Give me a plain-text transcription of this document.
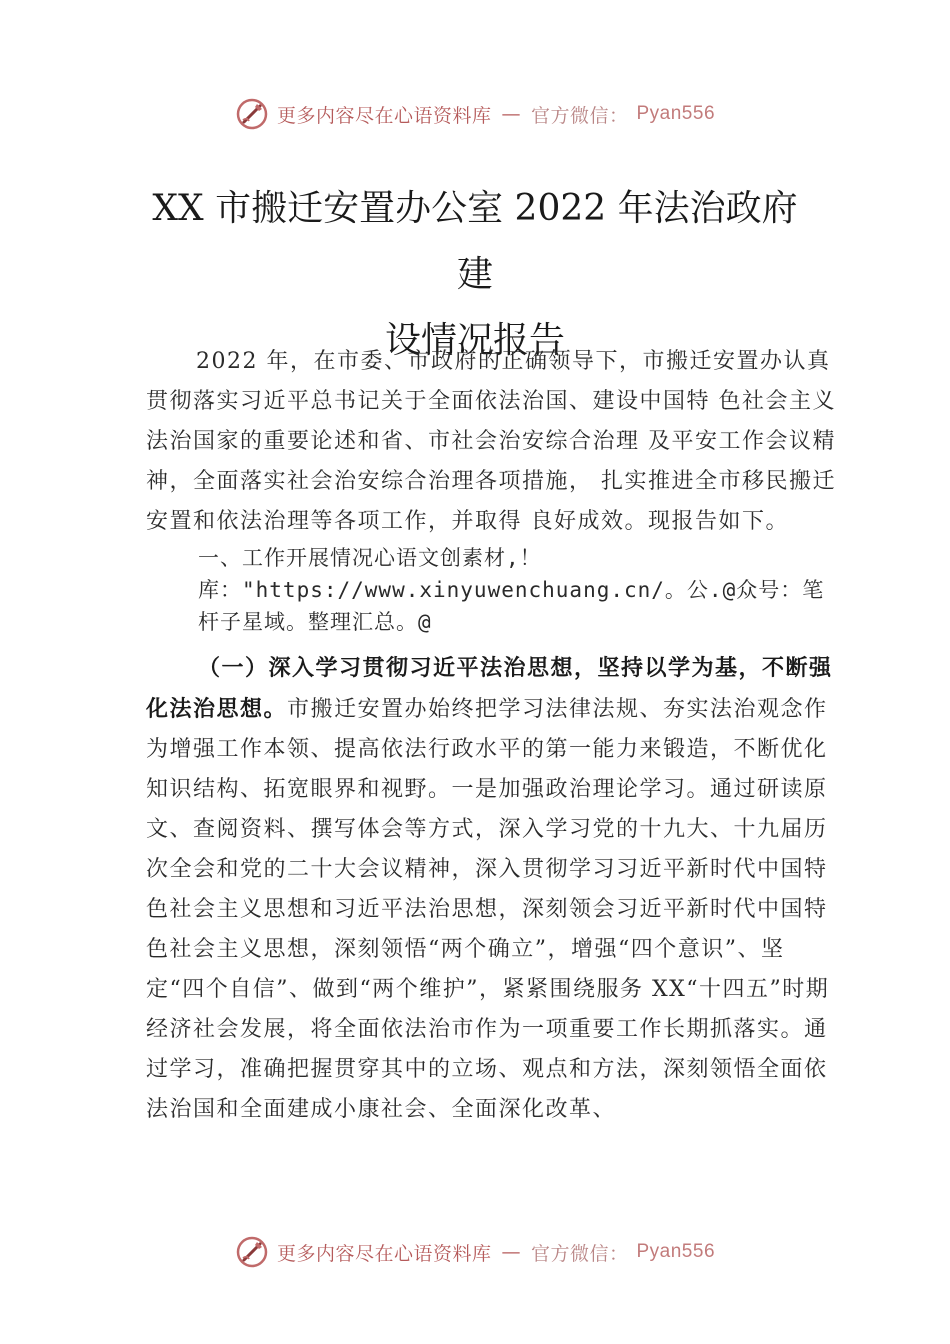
更多内容尽在心语资料库 — 官方微信： Pyan556
XX 市搬迁安置办公室 2022 年法治政府建
设情况报告

2022 年，在市委、市政府的正确领导下，市搬迁安置办认真贯彻落实习近平总书记关于全面依法治国、建设中国特 色社会主义法治国家的重要论述和省、市社会治安综合治理 及平安工作会议精神，全面落实社会治安综合治理各项措施， 扎实推进全市移民搬迁安置和依法治理等各项工作，并取得 良好成效。现报告如下。

一、工作开展情况心语文创素材,！库："https://www.xinyuwenchuang.cn/。公.@众号：笔杆子星域。整理汇总。@

（一）深入学习贯彻习近平法治思想，坚持以学为基，不断强化法治思想。市搬迁安置办始终把学习法律法规、夯实法治观念作为增强工作本领、提高依法行政水平的第一能力来锻造，不断优化知识结构、拓宽眼界和视野。一是加强政治理论学习。通过研读原文、查阅资料、撰写体会等方式，深入学习党的十九大、十九届历次全会和党的二十大会议精神，深入贯彻学习习近平新时代中国特色社会主义思想和习近平法治思想，深刻领会习近平新时代中国特色社会主义思想，深刻领悟“两个确立”，增强“四个意识”、坚定“四个自信”、做到“两个维护”，紧紧围绕服务 XX“十四五”时期经济社会发展，将全面依法治市作为一项重要工作长期抓落实。通过学习，准确把握贯穿其中的立场、观点和方法，深刻领悟全面依法治国和全面建成小康社会、全面深化改革、

更多内容尽在心语资料库 — 官方微信： Pyan556
